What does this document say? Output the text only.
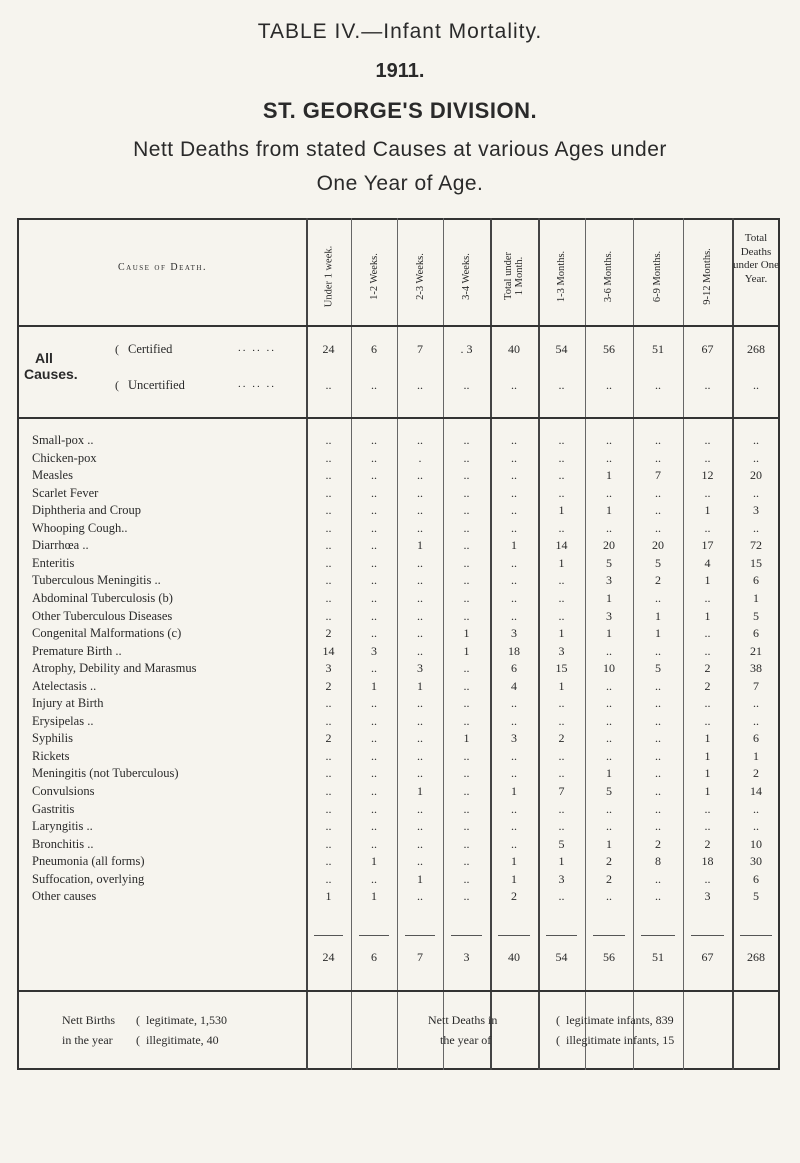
TABLE IV.—Infant Mortality.
1911.
ST. GEORGE'S DIVISION.
Nett Deaths from stated Causes at various Ages under
One Year of Age.
Cause of Death.	Under 1 week.	1-2 Weeks.	2-3 Weeks.	3-4 Weeks.	Total under 1 Month.	1-3 Months.	3-6 Months.	6-9 Months.	9-12 Months.
Total Deaths under One Year.
All Causes.
( Certified	.. .. ..	24	6	7	. 3	40	54	56	51	67	268
( Uncertified	.. .. ..	..	..	..	..	..	..	..	..	..	..
Small-pox ..	..	..	..	..	..	..	..	..	..	..
Chicken-pox	..	..	.	..	..	..	..	..	..	..
Measles	..	..	..	..	..	..	1	7	12	20
Scarlet Fever	..	..	..	..	..	..	..	..	..	..
Diphtheria and Croup	..	..	..	..	..	1	1	..	1	3
Whooping Cough..	..	..	..	..	..	..	..	..	..	..
Diarrhœa ..	..	..	1	..	1	14	20	20	17	72
Enteritis	..	..	..	..	..	1	5	5	4	15
Tuberculous Meningitis ..	..	..	..	..	..	..	3	2	1	6
Abdominal Tuberculosis (b)	..	..	..	..	..	..	1	..	..	1
Other Tuberculous Diseases	..	..	..	..	..	..	3	1	1	5
Congenital Malformations (c)	2	..	..	1	3	1	1	1	..	6
Premature Birth ..	14	3	..	1	18	3	..	..	..	21
Atrophy, Debility and Marasmus	3	..	3	..	6	15	10	5	2	38
Atelectasis ..	2	1	1	..	4	1	..	..	2	7
Injury at Birth	..	..	..	..	..	..	..	..	..	..
Erysipelas ..	..	..	..	..	..	..	..	..	..	..
Syphilis	2	..	..	1	3	2	..	..	1	6
Rickets	..	..	..	..	..	..	..	..	1	1
Meningitis (not Tuberculous)	..	..	..	..	..	..	1	..	1	2
Convulsions	..	..	1	..	1	7	5	..	1	14
Gastritis	..	..	..	..	..	..	..	..	..	..
Laryngitis ..	..	..	..	..	..	..	..	..	..	..
Bronchitis ..	..	..	..	..	..	5	1	2	2	10
Pneumonia (all forms)	..	1	..	..	1	1	2	8	18	30
Suffocation, overlying	..	..	1	..	1	3	2	..	..	6
Other causes	1	1	..	..	2	..	..	..	3	5
24	6	7	3	40	54	56	51	67	268
Nett Births
in the year
(
(
legitimate, 1,530
illegitimate, 40
Nett Deaths in
the year of
(
(
legitimate infants, 839
illegitimate infants, 15
